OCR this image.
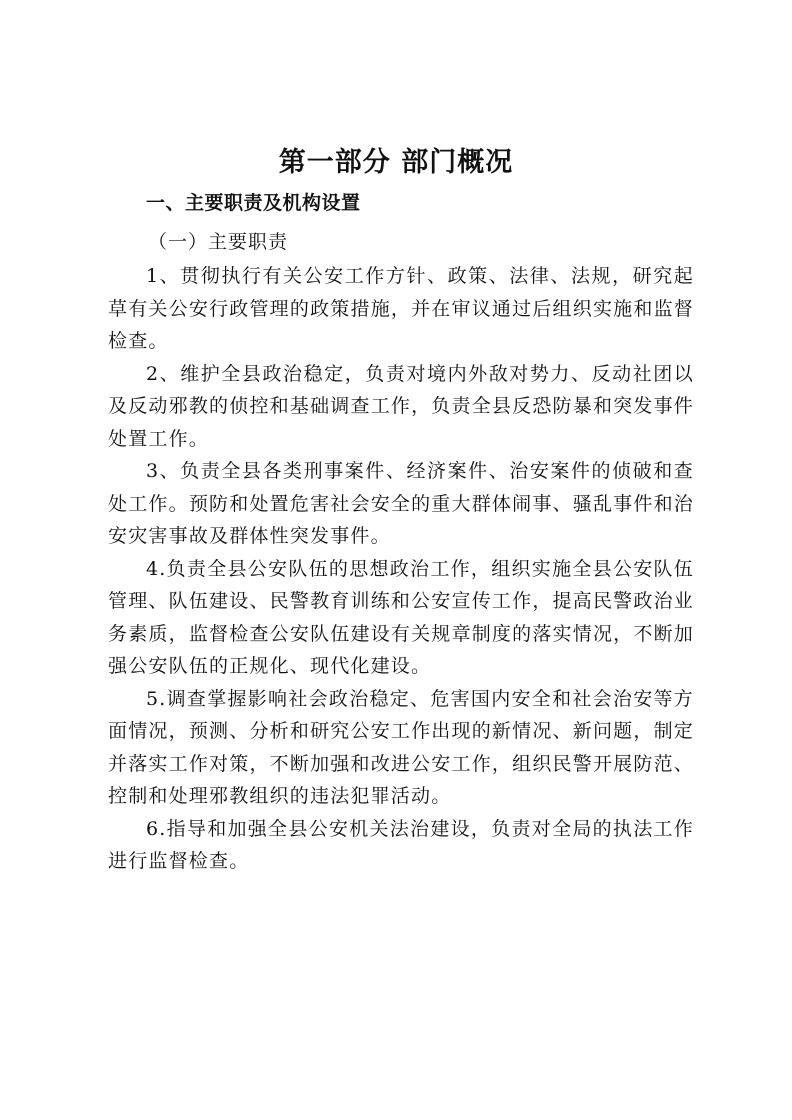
第一部分 部门概况
一、主要职责及机构设置
（一）主要职责

1、贯彻执行有关公安工作方针、政策、法律、法规，研究起草有关公安行政管理的政策措施，并在审议通过后组织实施和监督检查。

2、维护全县政治稳定，负责对境内外敌对势力、反动社团以及反动邪教的侦控和基础调查工作，负责全县反恐防暴和突发事件处置工作。

3、负责全县各类刑事案件、经济案件、治安案件的侦破和查处工作。预防和处置危害社会安全的重大群体闹事、骚乱事件和治安灾害事故及群体性突发事件。

4.负责全县公安队伍的思想政治工作，组织实施全县公安队伍管理、队伍建设、民警教育训练和公安宣传工作，提高民警政治业务素质，监督检查公安队伍建设有关规章制度的落实情况，不断加强公安队伍的正规化、现代化建设。

5.调查掌握影响社会政治稳定、危害国内安全和社会治安等方面情况，预测、分析和研究公安工作出现的新情况、新问题，制定并落实工作对策，不断加强和改进公安工作，组织民警开展防范、控制和处理邪教组织的违法犯罪活动。

6.指导和加强全县公安机关法治建设，负责对全局的执法工作进行监督检查。
